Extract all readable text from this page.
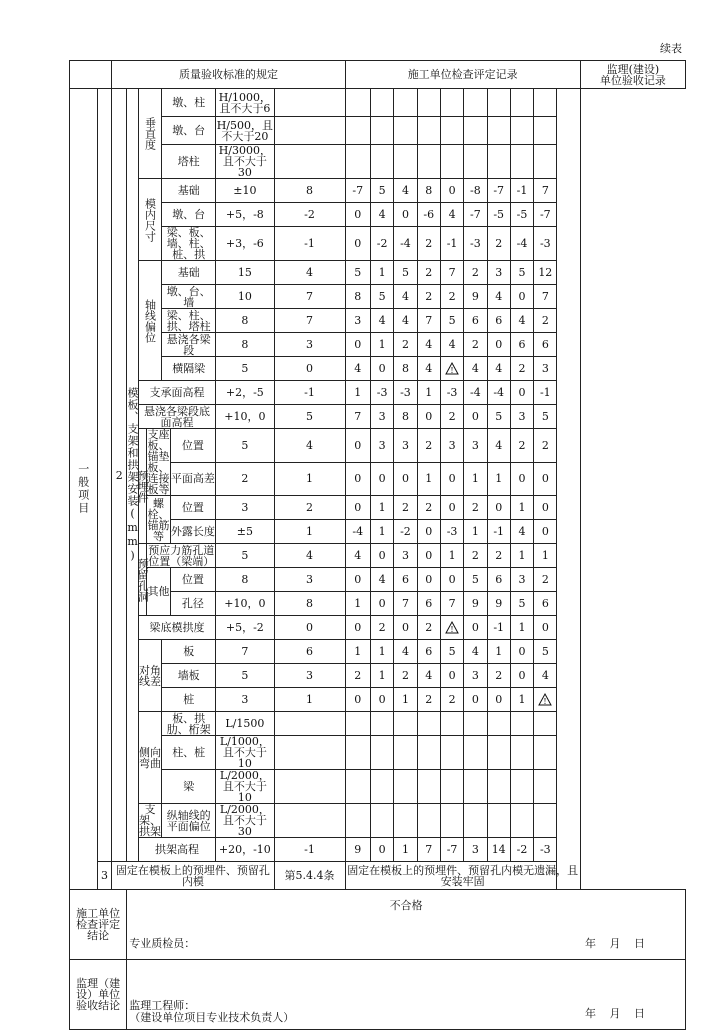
续表
		质量验收标准的规定								施工单位检查评定记录										监理(建设)
单位验收记录
一般项目		2	模板、支架和拱架安装(mm)	垂直度		墩、柱		H/1000，且不大于6												
						墩、台		H/500，且不大于20												
						塔柱		H/3000，且不大于30												
				模内尺寸		基础		±10	8	-7	5	4	8	0	-8	-7	-1	7		
						墩、台		+5，-8	-2	0	4	0	-6	4	-7	-5	-5	-7		
						梁、板、墙、柱、桩、拱		+3，-6	-1	0	-2	-4	2	-1	-3	2	-4	-3		
				轴线偏位		基础		15	4	5	1	5	2	7	2	3	5	12		
						墩、台、墙		10	7	8	5	4	2	2	9	4	0	7		
						梁、柱、拱、塔柱		8	7	3	4	4	7	5	6	6	4	2		
						悬浇各梁段		8	3	0	1	2	4	4	2	0	6	6		
						横隔梁		5	0	4	0	8	4	!	4	4	2	3		
				支承面高程				+2，-5	-1	1	-3	-3	1	-3	-4	-4	0	-1		
				悬浇各梁段底面高程				+10，0	5	7	3	8	0	2	0	5	3	5		
				预埋件	支座板、锚垫板、连接板等		位置	5	4	0	3	3	2	3	3	4	2	2		
							平面高差	2	1	0	0	0	1	0	1	1	0	0		
					螺栓、锚筋等		位置	3	2	0	1	2	2	0	2	0	1	0		
							外露长度	±5	1	-4	1	-2	0	-3	1	-1	4	0		
				预留孔洞	预应力筋孔道位置（梁端）			5	4	4	0	3	0	1	2	2	1	1		
					其他		位置	8	3	0	4	6	0	0	5	6	3	2		
							孔径	+10，0	8	1	0	7	6	7	9	9	5	6		
				梁底模拱度				+5，-2	0	0	2	0	2	!	0	-1	1	0		
				对角线差		板		7	6	1	1	4	6	5	4	1	0	5		
						墙板		5	3	2	1	2	4	0	3	2	0	4		
						桩		3	1	0	0	1	2	2	0	0	1	!		

				侧向弯曲		板、拱肋、桁架		L/1500												
						柱、桩		L/1000，且不大于10												
						梁		L/2000，且不大于10												
				支架、拱架		纵轴线的平面偏位		L/2000，且不大于30												
				拱架高程				+20，-10	-1	9	0	1	7	-7	3	14	-2	-3		
	3	固定在模板上的预埋件、预留孔内模							第5.4.4条	固定在模板上的预埋件、预留孔内模无遗漏，且安装牢固										
施工单位检查评定结论			不合格
专业质检员： 年 月 日																	

监理（建设）单位验收结论			监理工程师：
（建设单位项目专业技术负责人） 年 月 日																	
